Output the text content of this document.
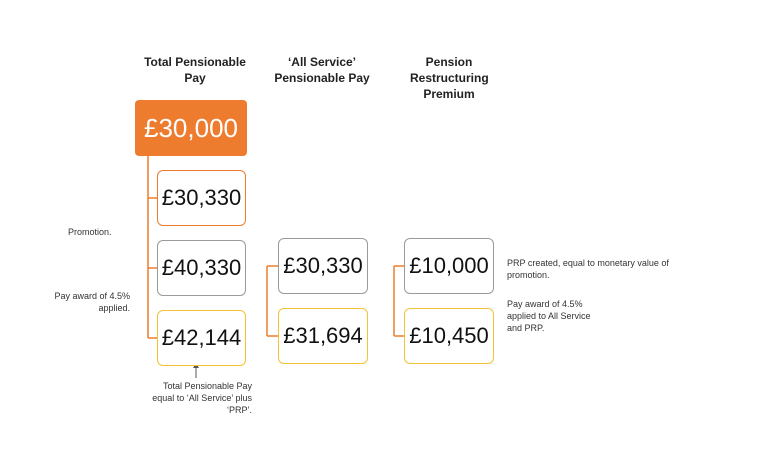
Total Pensionable Pay
‘All Service’ Pensionable Pay
Pension Restructuring Premium
£30,000
£30,330
£40,330
£42,144
£30,330
£31,694
£10,000
£10,450
Promotion.
Pay award of 4.5% applied.
PRP created, equal to monetary value of promotion.
Pay award of 4.5% applied to All Service and PRP.
Total Pensionable Pay equal to ‘All Service’ plus ‘PRP’.
